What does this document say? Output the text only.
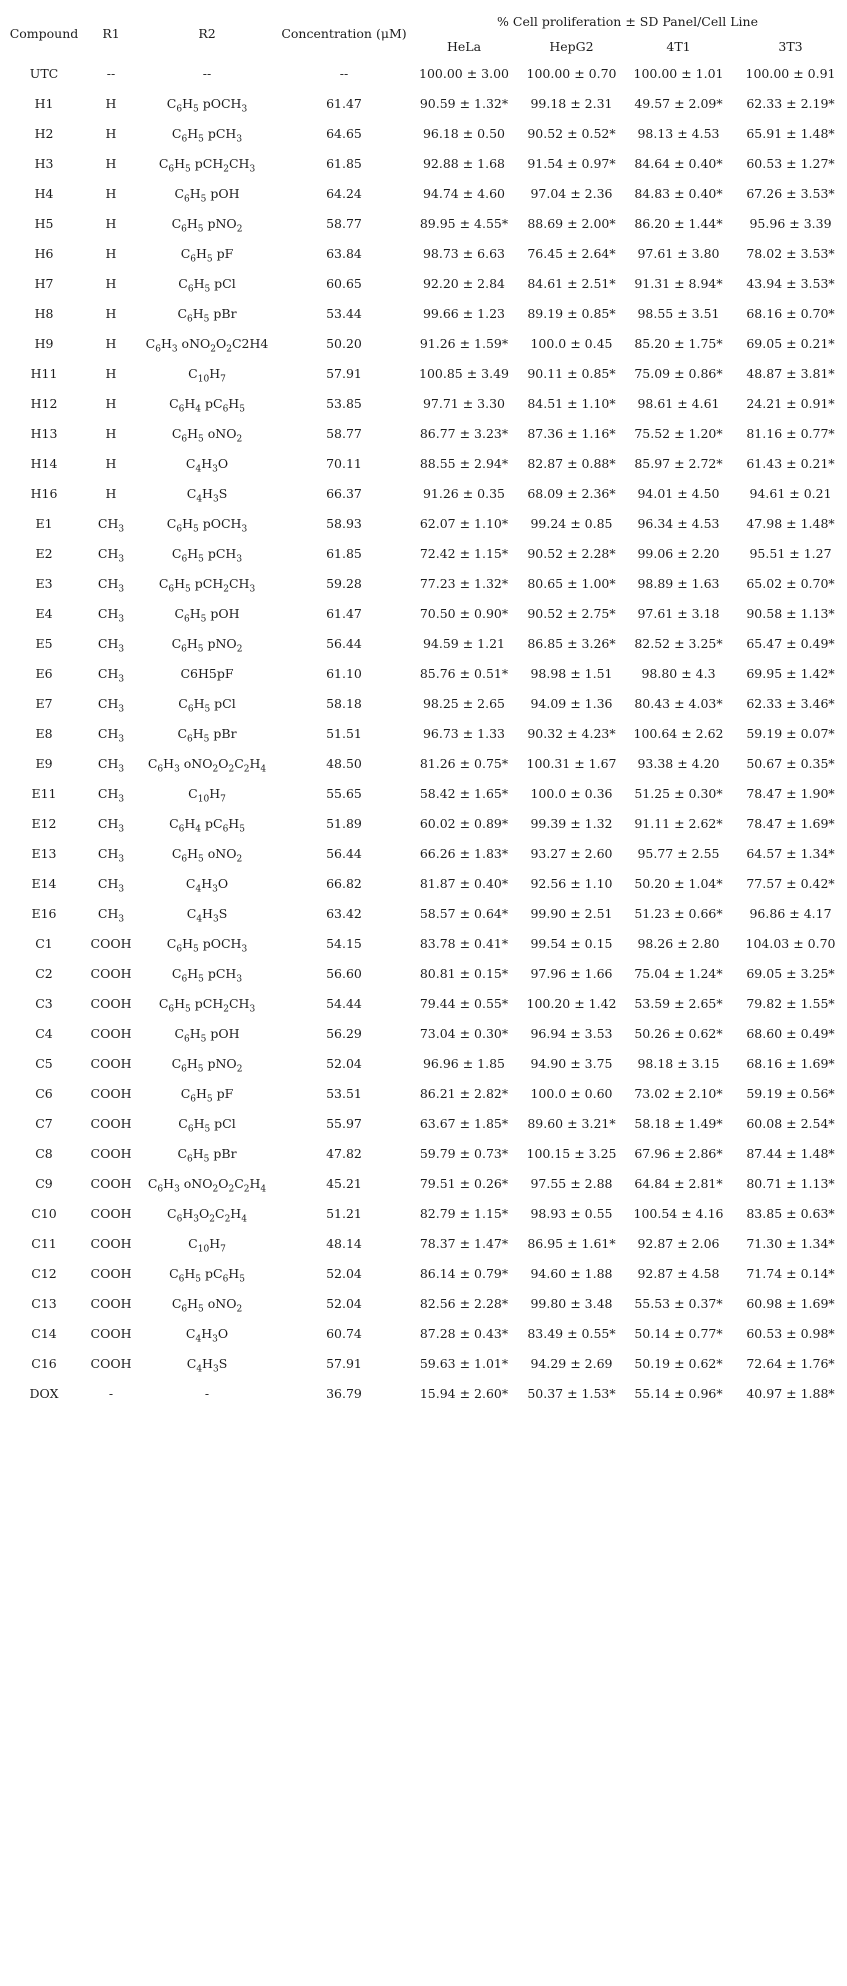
Compound	R1	R2	Concentration (μM)	% Cell proliferation ± SD Panel/Cell Line			
				HeLa	HepG2	4T1	3T3
UTC	--	--	--	100.00 ± 3.00	100.00 ± 0.70	100.00 ± 1.01	100.00 ± 0.91
H1	H	$C_6H_5$ pOCH$_3$	61.47	90.59 ± 1.32*	99.18 ± 2.31	49.57 ± 2.09*	62.33 ± 2.19*
H2	H	$C_6H_5$ pCH$_3$	64.65	96.18 ± 0.50	90.52 ± 0.52*	98.13 ± 4.53	65.91 ± 1.48*
H3	H	$C_6H_5$ $pCH_2CH_3$	61.85	92.88 ± 1.68	91.54 ± 0.97*	84.64 ± 0.40*	60.53 ± 1.27*
H4	H	$C_6H_5$ pOH	64.24	94.74 ± 4.60	97.04 ± 2.36	84.83 ± 0.40*	67.26 ± 3.53*
H5	H	$C_6H_5$ pNO$_2$	58.77	89.95 ± 4.55*	88.69 ± 2.00*	86.20 ± 1.44*	95.96 ± 3.39
H6	H	$C_6H_5$ pF	63.84	98.73 ± 6.63	76.45 ± 2.64*	97.61 ± 3.80	78.02 ± 3.53*
H7	H	$C_6H_5$ pCl	60.65	92.20 ± 2.84	84.61 ± 2.51*	91.31 ± 8.94*	43.94 ± 3.53*
H8	H	$C_6H_5$ pBr	53.44	99.66 ± 1.23	89.19 ± 0.85*	98.55 ± 3.51	68.16 ± 0.70*
H9	H	$C_6H_3$ $oNO_2O_2C2H4$	50.20	91.26 ± 1.59*	100.0 ± 0.45	85.20 ± 1.75*	69.05 ± 0.21*
H11	H	$C_{10}H_7$	57.91	100.85 ± 3.49	90.11 ± 0.85*	75.09 ± 0.86*	48.87 ± 3.81*
H12	H	$C_6H_4$ $pC_6H_5$	53.85	97.71 ± 3.30	84.51 ± 1.10*	98.61 ± 4.61	24.21 ± 0.91*
H13	H	$C_6H_5$ oNO$_2$	58.77	86.77 ± 3.23*	87.36 ± 1.16*	75.52 ± 1.20*	81.16 ± 0.77*
H14	H	$C_4H_3O$	70.11	88.55 ± 2.94*	82.87 ± 0.88*	85.97 ± 2.72*	61.43 ± 0.21*
H16	H	$C_4H_3S$	66.37	91.26 ± 0.35	68.09 ± 2.36*	94.01 ± 4.50	94.61 ± 0.21
E1	$CH_3$	$C_6H_5$ pOCH$_3$	58.93	62.07 ± 1.10*	99.24 ± 0.85	96.34 ± 4.53	47.98 ± 1.48*
E2	$CH_3$	$C_6H_5$ pCH$_3$	61.85	72.42 ± 1.15*	90.52 ± 2.28*	99.06 ± 2.20	95.51 ± 1.27
E3	$CH_3$	$C_6H_5$ $pCH_2CH_3$	59.28	77.23 ± 1.32*	80.65 ± 1.00*	98.89 ± 1.63	65.02 ± 0.70*
E4	$CH_3$	$C_6H_5$ pOH	61.47	70.50 ± 0.90*	90.52 ± 2.75*	97.61 ± 3.18	90.58 ± 1.13*
E5	$CH_3$	$C_6H_5$ pNO$_2$	56.44	94.59 ± 1.21	86.85 ± 3.26*	82.52 ± 3.25*	65.47 ± 0.49*
E6	$CH_3$	C6H5pF	61.10	85.76 ± 0.51*	98.98 ± 1.51	98.80 ± 4.3	69.95 ± 1.42*
E7	$CH_3$	$C_6H_5$ pCl	58.18	98.25 ± 2.65	94.09 ± 1.36	80.43 ± 4.03*	62.33 ± 3.46*
E8	$CH_3$	$C_6H_5$ pBr	51.51	96.73 ± 1.33	90.32 ± 4.23*	100.64 ± 2.62	59.19 ± 0.07*
E9	$CH_3$	$C_6H_3$ $oNO_2O_2C_2H_4$	48.50	81.26 ± 0.75*	100.31 ± 1.67	93.38 ± 4.20	50.67 ± 0.35*
E11	$CH_3$	$C_{10}H_7$	55.65	58.42 ± 1.65*	100.0 ± 0.36	51.25 ± 0.30*	78.47 ± 1.90*
E12	$CH_3$	$C_6H_4$ $pC_6H_5$	51.89	60.02 ± 0.89*	99.39 ± 1.32	91.11 ± 2.62*	78.47 ± 1.69*
E13	$CH_3$	$C_6H_5$ oNO$_2$	56.44	66.26 ± 1.83*	93.27 ± 2.60	95.77 ± 2.55	64.57 ± 1.34*
E14	$CH_3$	$C_4H_3O$	66.82	81.87 ± 0.40*	92.56 ± 1.10	50.20 ± 1.04*	77.57 ± 0.42*
E16	$CH_3$	$C_4H_3S$	63.42	58.57 ± 0.64*	99.90 ± 2.51	51.23 ± 0.66*	96.86 ± 4.17
C1	COOH	$C_6H_5$ pOCH$_3$	54.15	83.78 ± 0.41*	99.54 ± 0.15	98.26 ± 2.80	104.03 ± 0.70
C2	COOH	$C_6H_5$ pCH$_3$	56.60	80.81 ± 0.15*	97.96 ± 1.66	75.04 ± 1.24*	69.05 ± 3.25*
C3	COOH	$C_6H_5$ $pCH_2CH_3$	54.44	79.44 ± 0.55*	100.20 ± 1.42	53.59 ± 2.65*	79.82 ± 1.55*
C4	COOH	$C_6H_5$ pOH	56.29	73.04 ± 0.30*	96.94 ± 3.53	50.26 ± 0.62*	68.60 ± 0.49*
C5	COOH	$C_6H_5$ pNO$_2$	52.04	96.96 ± 1.85	94.90 ± 3.75	98.18 ± 3.15	68.16 ± 1.69*
C6	COOH	$C_6H_5$ pF	53.51	86.21 ± 2.82*	100.0 ± 0.60	73.02 ± 2.10*	59.19 ± 0.56*
C7	COOH	$C_6H_5$ pCl	55.97	63.67 ± 1.85*	89.60 ± 3.21*	58.18 ± 1.49*	60.08 ± 2.54*
C8	COOH	$C_6H_5$ pBr	47.82	59.79 ± 0.73*	100.15 ± 3.25	67.96 ± 2.86*	87.44 ± 1.48*
C9	COOH	$C_6H_3$ $oNO_2O_2C_2H_4$	45.21	79.51 ± 0.26*	97.55 ± 2.88	64.84 ± 2.81*	80.71 ± 1.13*
C10	COOH	$C_6H_3O_2C_2H_4$	51.21	82.79 ± 1.15*	98.93 ± 0.55	100.54 ± 4.16	83.85 ± 0.63*
C11	COOH	$C_{10}H_7$	48.14	78.37 ± 1.47*	86.95 ± 1.61*	92.87 ± 2.06	71.30 ± 1.34*
C12	COOH	$C_6H_5$ $pC_6H_5$	52.04	86.14 ± 0.79*	94.60 ± 1.88	92.87 ± 4.58	71.74 ± 0.14*
C13	COOH	$C_6H_5$ oNO$_2$	52.04	82.56 ± 2.28*	99.80 ± 3.48	55.53 ± 0.37*	60.98 ± 1.69*
C14	COOH	$C_4H_3O$	60.74	87.28 ± 0.43*	83.49 ± 0.55*	50.14 ± 0.77*	60.53 ± 0.98*
C16	COOH	$C_4H_3S$	57.91	59.63 ± 1.01*	94.29 ± 2.69	50.19 ± 0.62*	72.64 ± 1.76*
DOX	-	-	36.79	15.94 ± 2.60*	50.37 ± 1.53*	55.14 ± 0.96*	40.97 ± 1.88*
